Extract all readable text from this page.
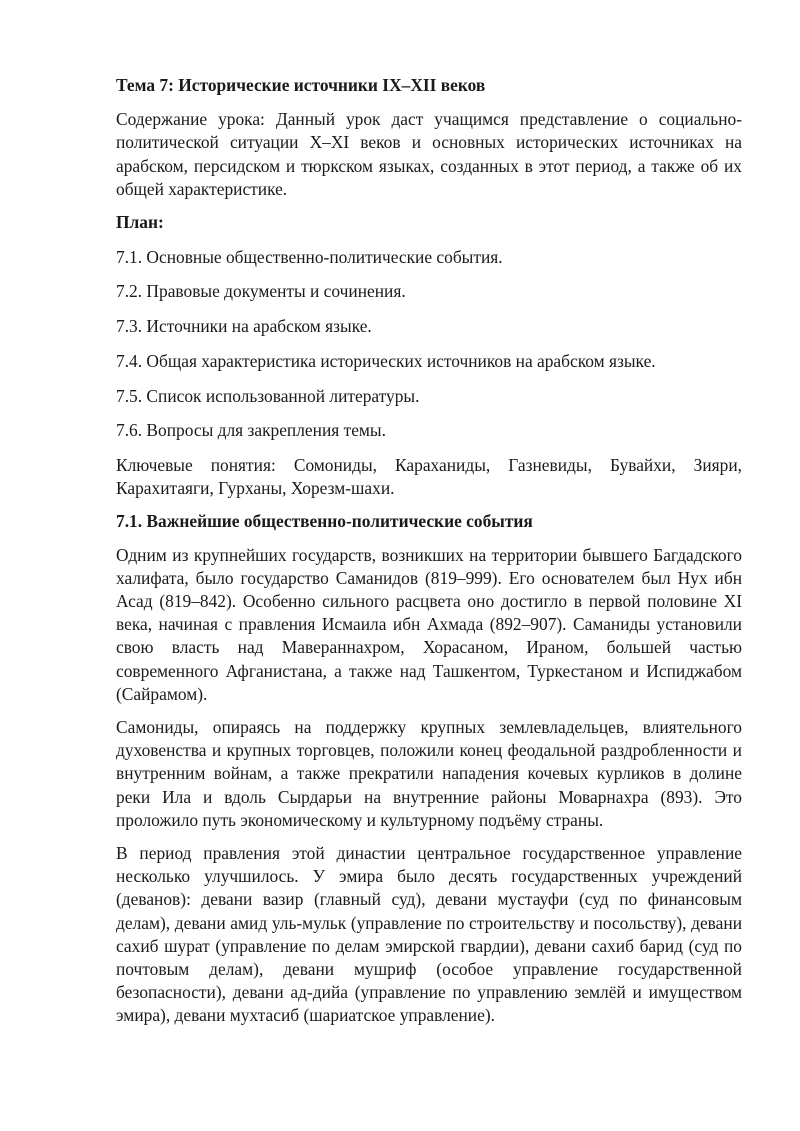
Тема 7: Исторические источники IX–XII веков

Содержание урока: Данный урок даст учащимся представление о социально-политической ситуации X–XI веков и основных исторических источниках на арабском, персидском и тюркском языках, созданных в этот период, а также об их общей характеристике.

План:

7.1. Основные общественно-политические события.

7.2. Правовые документы и сочинения.

7.3. Источники на арабском языке.

7.4. Общая характеристика исторических источников на арабском языке.

7.5. Список использованной литературы.

7.6. Вопросы для закрепления темы.

Ключевые понятия: Сомониды, Караханиды, Газневиды, Бувайхи, Зияри, Карахитаяги, Гурханы, Хорезм-шахи.

7.1. Важнейшие общественно-политические события

Одним из крупнейших государств, возникших на территории бывшего Багдадского халифата, было государство Саманидов (819–999). Его основателем был Нух ибн Асад (819–842). Особенно сильного расцвета оно достигло в первой половине XI века, начиная с правления Исмаила ибн Ахмада (892–907). Саманиды установили свою власть над Мавераннахром, Хорасаном, Ираном, большей частью современного Афганистана, а также над Ташкентом, Туркестаном и Испиджабом (Сайрамом).

Самониды, опираясь на поддержку крупных землевладельцев, влиятельного духовенства и крупных торговцев, положили конец феодальной раздробленности и внутренним войнам, а также прекратили нападения кочевых курликов в долине реки Ила и вдоль Сырдарьи на внутренние районы Моварнахра (893). Это проложило путь экономическому и культурному подъёму страны.

В период правления этой династии центральное государственное управление несколько улучшилось. У эмира было десять государственных учреждений (деванов): девани вазир (главный суд), девани мустауфи (суд по финансовым делам), девани амид уль-мульк (управление по строительству и посольству), девани сахиб шурат (управление по делам эмирской гвардии), девани сахиб барид (суд по почтовым делам), девани мушриф (особое управление государственной безопасности), девани ад-дийа (управление по управлению землёй и имуществом эмира), девани мухтасиб (шариатское управление).
